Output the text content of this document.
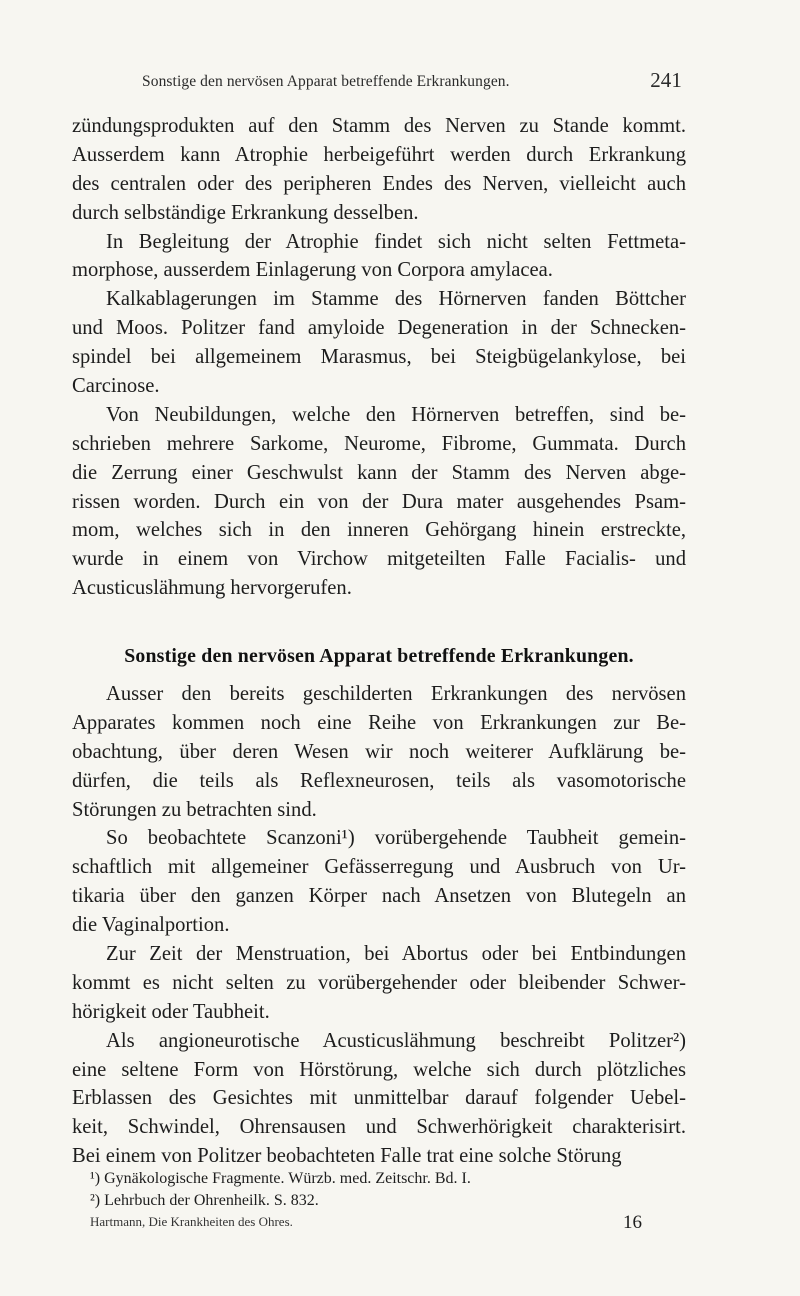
Sonstige den nervösen Apparat betreffende Erkrankungen.	241
zündungsprodukten auf den Stamm des Nerven zu Stande kommt.
Ausserdem kann Atrophie herbeigeführt werden durch Erkrankung
des centralen oder des peripheren Endes des Nerven, vielleicht auch
durch selbständige Erkrankung desselben.
In Begleitung der Atrophie findet sich nicht selten Fettmeta-
morphose, ausserdem Einlagerung von Corpora amylacea.
Kalkablagerungen im Stamme des Hörnerven fanden Böttcher
und Moos. Politzer fand amyloide Degeneration in der Schnecken-
spindel bei allgemeinem Marasmus, bei Steigbügelankylose, bei
Carcinose.
Von Neubildungen, welche den Hörnerven betreffen, sind be-
schrieben mehrere Sarkome, Neurome, Fibrome, Gummata. Durch
die Zerrung einer Geschwulst kann der Stamm des Nerven abge-
rissen worden. Durch ein von der Dura mater ausgehendes Psam-
mom, welches sich in den inneren Gehörgang hinein erstreckte,
wurde in einem von Virchow mitgeteilten Falle Facialis- und
Acusticuslähmung hervorgerufen.
Sonstige den nervösen Apparat betreffende Erkrankungen.
Ausser den bereits geschilderten Erkrankungen des nervösen
Apparates kommen noch eine Reihe von Erkrankungen zur Be-
obachtung, über deren Wesen wir noch weiterer Aufklärung be-
dürfen, die teils als Reflexneurosen, teils als vasomotorische
Störungen zu betrachten sind.
So beobachtete Scanzoni¹) vorübergehende Taubheit gemein-
schaftlich mit allgemeiner Gefässerregung und Ausbruch von Ur-
tikaria über den ganzen Körper nach Ansetzen von Blutegeln an
die Vaginalportion.
Zur Zeit der Menstruation, bei Abortus oder bei Entbindungen
kommt es nicht selten zu vorübergehender oder bleibender Schwer-
hörigkeit oder Taubheit.
Als angioneurotische Acusticuslähmung beschreibt Politzer²)
eine seltene Form von Hörstörung, welche sich durch plötzliches
Erblassen des Gesichtes mit unmittelbar darauf folgender Uebel-
keit, Schwindel, Ohrensausen und Schwerhörigkeit charakterisirt.
Bei einem von Politzer beobachteten Falle trat eine solche Störung
¹) Gynäkologische Fragmente. Würzb. med. Zeitschr. Bd. I.
²) Lehrbuch der Ohrenheilk. S. 832.
Hartmann, Die Krankheiten des Ohres.	16
